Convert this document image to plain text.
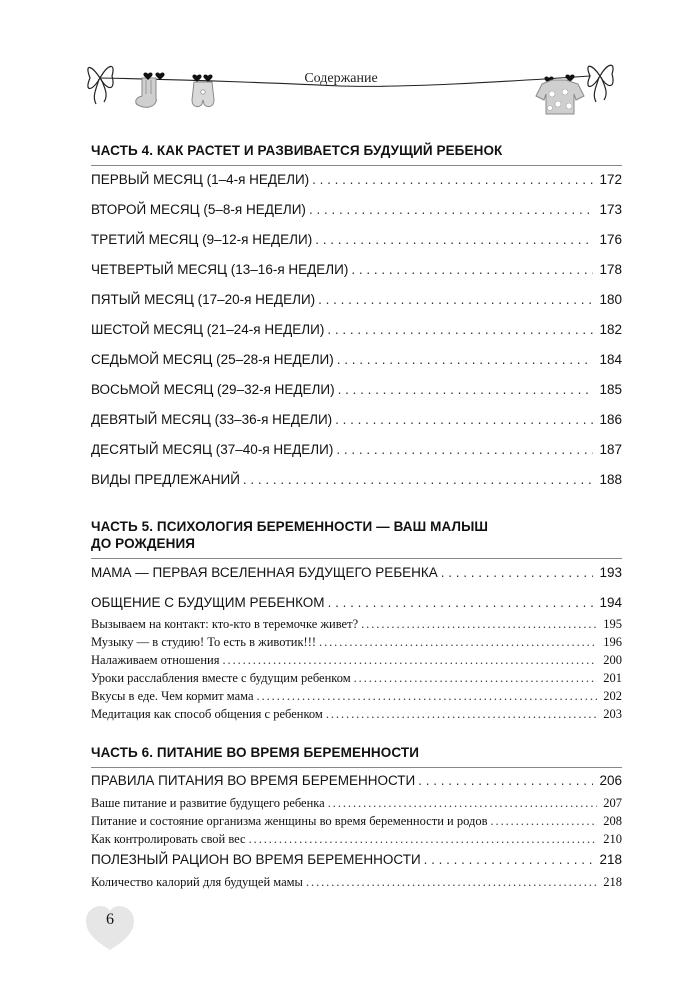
Содержание
ЧАСТЬ 4. КАК РАСТЕТ И РАЗВИВАЕТСЯ БУДУЩИЙ РЕБЕНОК
ПЕРВЫЙ МЕСЯЦ (1–4-я НЕДЕЛИ) . . .	172
ВТОРОЙ МЕСЯЦ (5–8-я НЕДЕЛИ) . . .	173
ТРЕТИЙ МЕСЯЦ (9–12-я НЕДЕЛИ) . . .	176
ЧЕТВЕРТЫЙ МЕСЯЦ (13–16-я НЕДЕЛИ) . . .	178
ПЯТЫЙ МЕСЯЦ (17–20-я НЕДЕЛИ) . . .	180
ШЕСТОЙ МЕСЯЦ (21–24-я НЕДЕЛИ) . . .	182
СЕДЬМОЙ МЕСЯЦ (25–28-я НЕДЕЛИ) . . .	184
ВОСЬМОЙ МЕСЯЦ (29–32-я НЕДЕЛИ) . . .	185
ДЕВЯТЫЙ МЕСЯЦ (33–36-я НЕДЕЛИ) . . .	186
ДЕСЯТЫЙ МЕСЯЦ (37–40-я НЕДЕЛИ) . . .	187
ВИДЫ ПРЕДЛЕЖАНИЙ . . .	188
ЧАСТЬ 5. ПСИХОЛОГИЯ БЕРЕМЕННОСТИ — ВАШ МАЛЫШ
ДО РОЖДЕНИЯ
МАМА — ПЕРВАЯ ВСЕЛЕННАЯ БУДУЩЕГО РЕБЕНКА . . .	193
ОБЩЕНИЕ С БУДУЩИМ РЕБЕНКОМ . . .	194
Вызываем на контакт: кто-кто в теремочке живет? . . .	195
Музыку — в студию! То есть в животик!!! . . .	196
Налаживаем отношения . . .	200
Уроки расслабления вместе с будущим ребенком . . .	201
Вкусы в еде. Чем кормит мама . . .	202
Медитация как способ общения с ребенком . . .	203
ЧАСТЬ 6. ПИТАНИЕ ВО ВРЕМЯ БЕРЕМЕННОСТИ
ПРАВИЛА ПИТАНИЯ ВО ВРЕМЯ БЕРЕМЕННОСТИ . . .	206
Ваше питание и развитие будущего ребенка . . .	207
Питание и состояние организма женщины во время беременности и родов . . .	208
Как контролировать свой вес . . .	210
ПОЛЕЗНЫЙ РАЦИОН ВО ВРЕМЯ БЕРЕМЕННОСТИ . . .	218
Количество калорий для будущей мамы . . .	218
6
